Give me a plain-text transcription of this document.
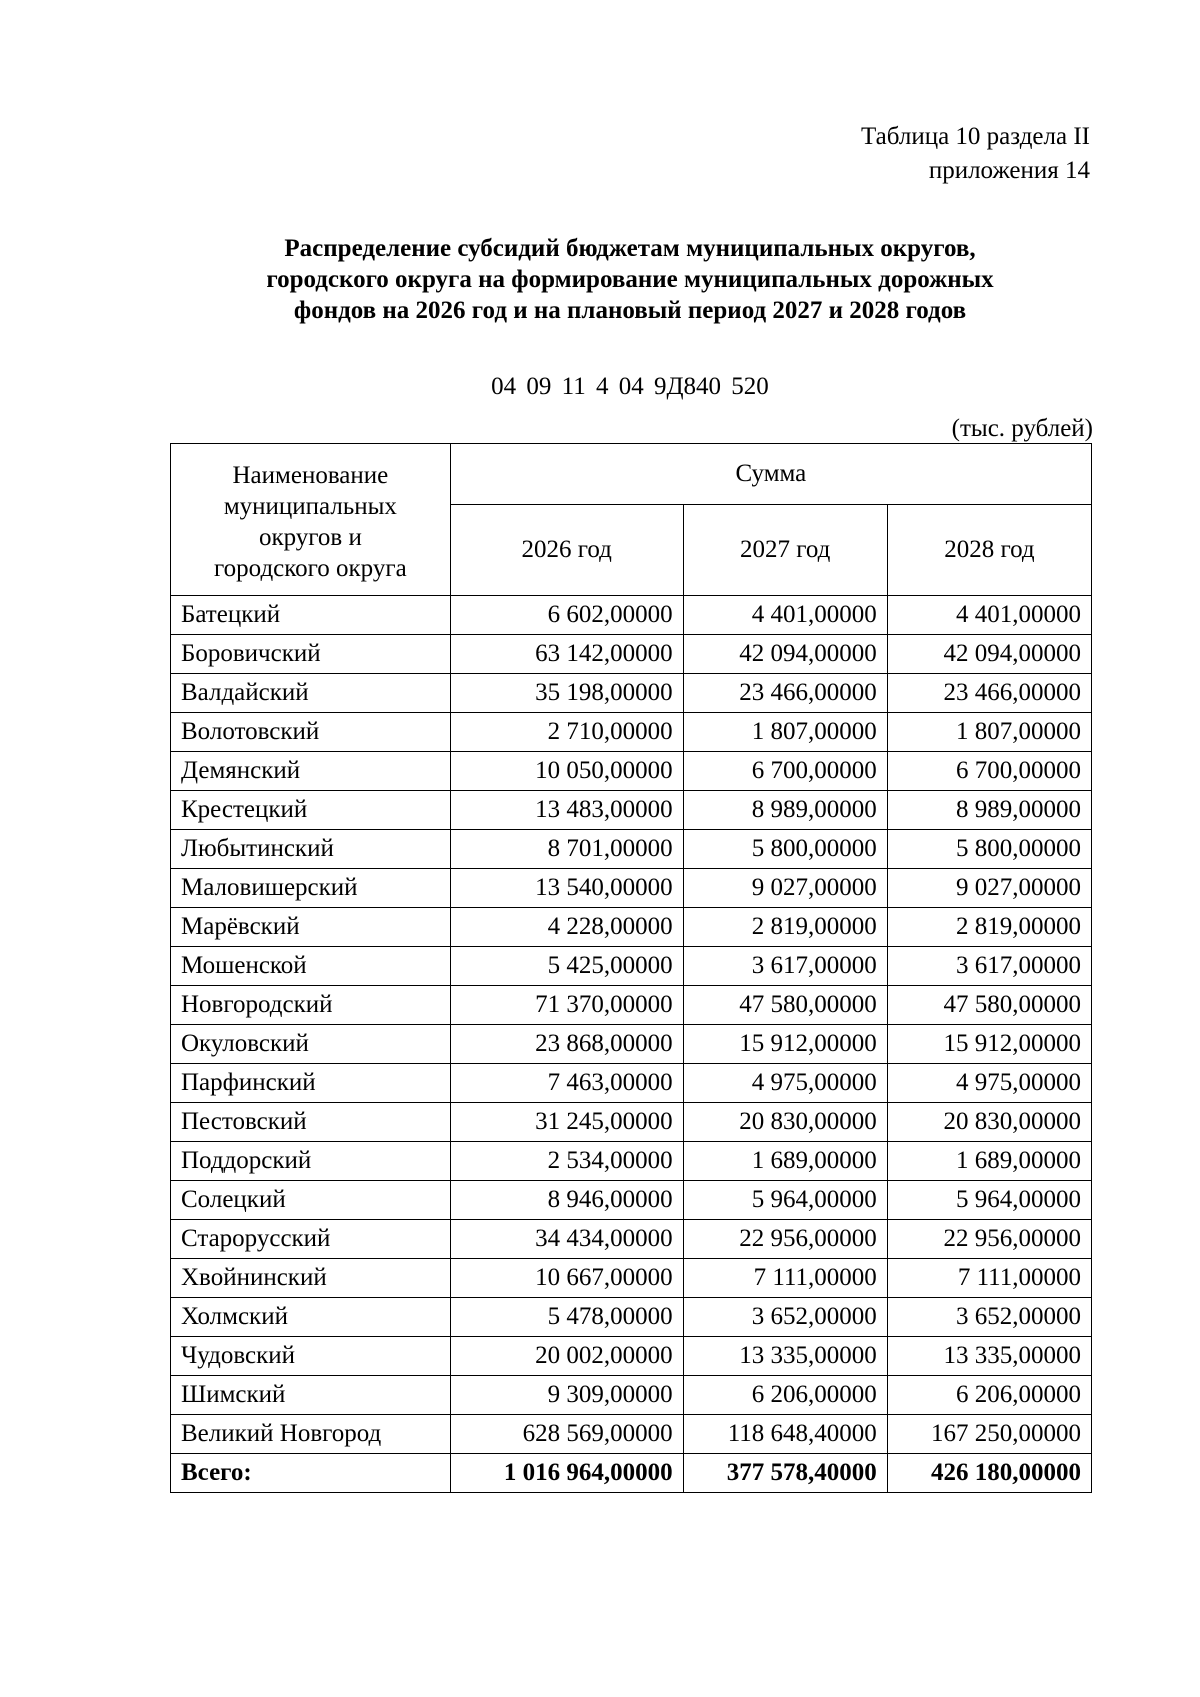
Таблица 10 раздела II
приложения 14
Распределение субсидий бюджетам муниципальных округов,
городского округа на формирование муниципальных дорожных
фондов на 2026 год и на плановый период 2027 и 2028 годов
04 09 11 4 04 9Д840 520
(тыс. рублей)
Наименование
муниципальных
округов и
городского округа	Сумма		
	2026 год	2027 год	2028 год
Батецкий	6 602,00000	4 401,00000	4 401,00000
Боровичский	63 142,00000	42 094,00000	42 094,00000
Валдайский	35 198,00000	23 466,00000	23 466,00000
Волотовский	2 710,00000	1 807,00000	1 807,00000
Демянский	10 050,00000	6 700,00000	6 700,00000
Крестецкий	13 483,00000	8 989,00000	8 989,00000
Любытинский	8 701,00000	5 800,00000	5 800,00000
Маловишерский	13 540,00000	9 027,00000	9 027,00000
Марёвский	4 228,00000	2 819,00000	2 819,00000
Мошенской	5 425,00000	3 617,00000	3 617,00000
Новгородский	71 370,00000	47 580,00000	47 580,00000
Окуловский	23 868,00000	15 912,00000	15 912,00000
Парфинский	7 463,00000	4 975,00000	4 975,00000
Пестовский	31 245,00000	20 830,00000	20 830,00000
Поддорский	2 534,00000	1 689,00000	1 689,00000
Солецкий	8 946,00000	5 964,00000	5 964,00000
Старорусский	34 434,00000	22 956,00000	22 956,00000
Хвойнинский	10 667,00000	7 111,00000	7 111,00000
Холмский	5 478,00000	3 652,00000	3 652,00000
Чудовский	20 002,00000	13 335,00000	13 335,00000
Шимский	9 309,00000	6 206,00000	6 206,00000
Великий Новгород	628 569,00000	118 648,40000	167 250,00000
Всего:	1 016 964,00000	377 578,40000	426 180,00000
